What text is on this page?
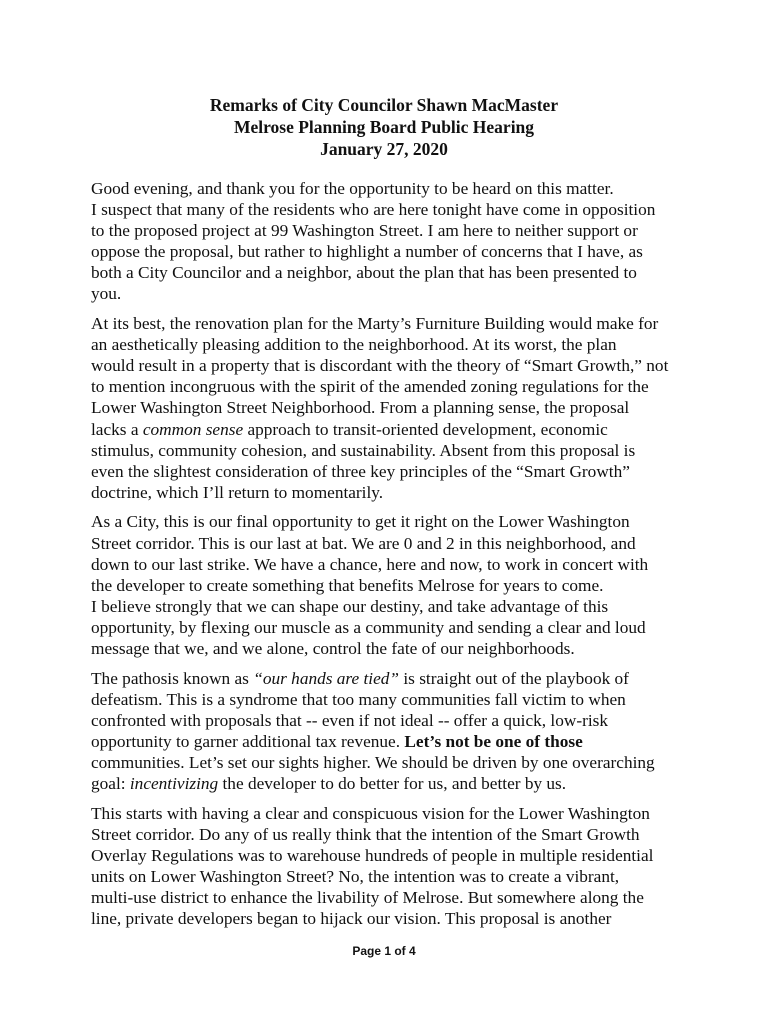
Remarks of City Councilor Shawn MacMaster
Melrose Planning Board Public Hearing
January 27, 2020
Good evening, and thank you for the opportunity to be heard on this matter.
I suspect that many of the residents who are here tonight have come in opposition
to the proposed project at 99 Washington Street. I am here to neither support or
oppose the proposal, but rather to highlight a number of concerns that I have, as
both a City Councilor and a neighbor, about the plan that has been presented to
you.
At its best, the renovation plan for the Marty’s Furniture Building would make for
an aesthetically pleasing addition to the neighborhood. At its worst, the plan
would result in a property that is discordant with the theory of “Smart Growth,” not
to mention incongruous with the spirit of the amended zoning regulations for the
Lower Washington Street Neighborhood. From a planning sense, the proposal
lacks a common sense approach to transit-oriented development, economic
stimulus, community cohesion, and sustainability. Absent from this proposal is
even the slightest consideration of three key principles of the “Smart Growth”
doctrine, which I’ll return to momentarily.
As a City, this is our final opportunity to get it right on the Lower Washington
Street corridor. This is our last at bat. We are 0 and 2 in this neighborhood, and
down to our last strike. We have a chance, here and now, to work in concert with
the developer to create something that benefits Melrose for years to come.
I believe strongly that we can shape our destiny, and take advantage of this
opportunity, by flexing our muscle as a community and sending a clear and loud
message that we, and we alone, control the fate of our neighborhoods.
The pathosis known as “our hands are tied” is straight out of the playbook of
defeatism. This is a syndrome that too many communities fall victim to when
confronted with proposals that -- even if not ideal -- offer a quick, low-risk
opportunity to garner additional tax revenue. Let’s not be one of those
communities. Let’s set our sights higher. We should be driven by one overarching
goal: incentivizing the developer to do better for us, and better by us.
This starts with having a clear and conspicuous vision for the Lower Washington
Street corridor. Do any of us really think that the intention of the Smart Growth
Overlay Regulations was to warehouse hundreds of people in multiple residential
units on Lower Washington Street? No, the intention was to create a vibrant,
multi-use district to enhance the livability of Melrose. But somewhere along the
line, private developers began to hijack our vision. This proposal is another
Page 1 of 4
